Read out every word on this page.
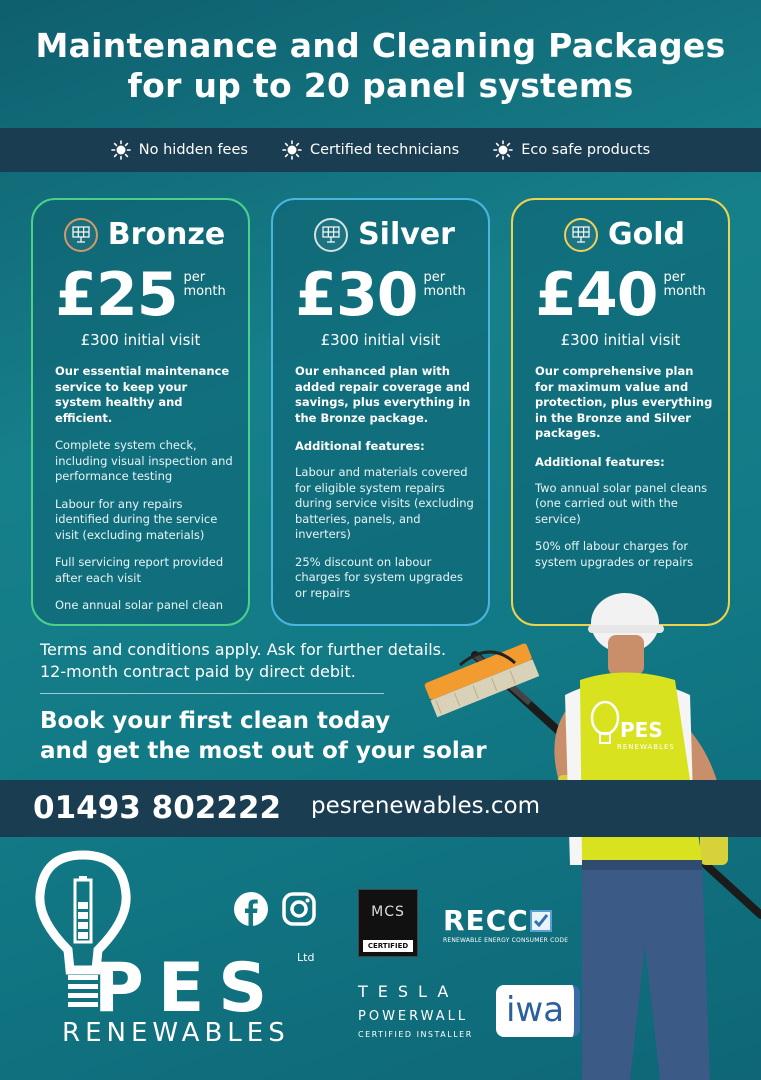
Maintenance and Cleaning Packages
for up to 20 panel systems
No hidden fees	Certified technicians	Eco safe products
Bronze
£25 per
month
£300 initial visit
Our essential maintenance service to keep your system healthy and efficient.
Complete system check, including visual inspection and performance testing
Labour for any repairs identified during the service visit (excluding materials)
Full servicing report provided after each visit
One annual solar panel clean
Silver
£30 per
month
£300 initial visit
Our enhanced plan with added repair coverage and savings, plus everything in the Bronze package.
Additional features:
Labour and materials covered for eligible system repairs during service visits (excluding batteries, panels, and inverters)
25% discount on labour charges for system upgrades or repairs
Gold
£40 per
month
£300 initial visit
Our comprehensive plan for maximum value and protection, plus everything in the Bronze and Silver packages.
Additional features:
Two annual solar panel cleans (one carried out with the service)
50% off labour charges for system upgrades or repairs
PES
RENEWABLES
Terms and conditions apply. Ask for further details.
12-month contract paid by direct debit.
Book your first clean today
and get the most out of your solar
01493 802222 pesrenewables.com
PES Ltd
RENEWABLES
MCS
CERTIFIED
RECC
RENEWABLE ENERGY CONSUMER CODE
TESLA
POWERWALL
CERTIFIED INSTALLER
iwa
